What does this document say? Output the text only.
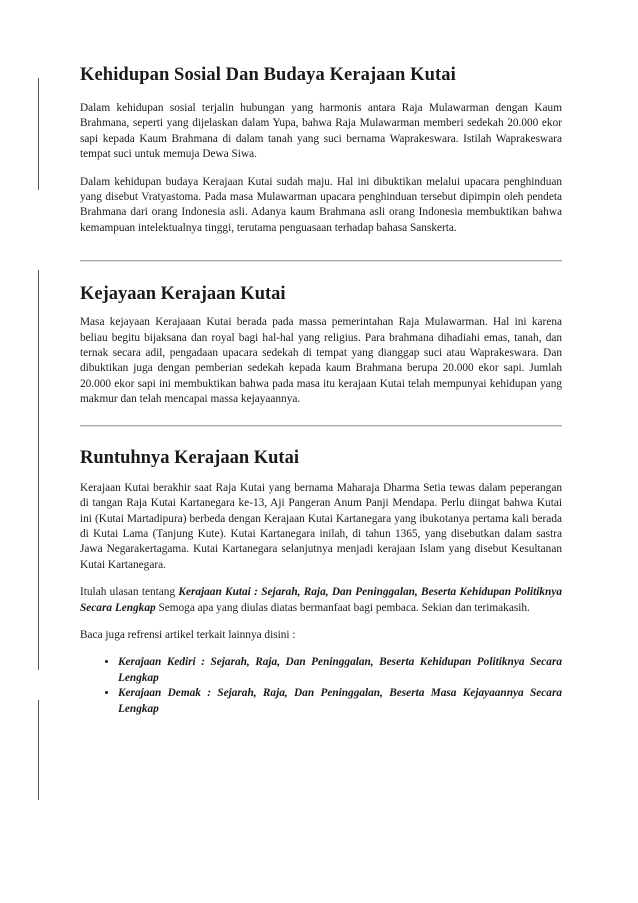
Kehidupan Sosial Dan Budaya Kerajaan Kutai

Dalam kehidupan sosial terjalin hubungan yang harmonis antara Raja Mulawarman dengan Kaum Brahmana, seperti yang dijelaskan dalam Yupa, bahwa Raja Mulawarman memberi sedekah 20.000 ekor sapi kepada Kaum Brahmana di dalam tanah yang suci bernama Waprakeswara. Istilah Waprakeswara tempat suci untuk memuja Dewa Siwa.

Dalam kehidupan budaya Kerajaan Kutai sudah maju. Hal ini dibuktikan melalui upacara penghinduan yang disebut Vratyastoma. Pada masa Mulawarman upacara penghinduan tersebut dipimpin oleh pendeta Brahmana dari orang Indonesia asli. Adanya kaum Brahmana asli orang Indonesia membuktikan bahwa kemampuan intelektualnya tinggi, terutama penguasaan terhadap bahasa Sanskerta.

Kejayaan Kerajaan Kutai

Masa kejayaan Kerajaaan Kutai berada pada massa pemerintahan Raja Mulawarman. Hal ini karena beliau begitu bijaksana dan royal bagi hal-hal yang religius. Para brahmana dihadiahi emas, tanah, dan ternak secara adil, pengadaan upacara sedekah di tempat yang dianggap suci atau Waprakeswara. Dan dibuktikan juga dengan pemberian sedekah kepada kaum Brahmana berupa 20.000 ekor sapi. Jumlah 20.000 ekor sapi ini membuktikan bahwa pada masa itu kerajaan Kutai telah mempunyai kehidupan yang makmur dan telah mencapai massa kejayaannya.

Runtuhnya Kerajaan Kutai

Kerajaan Kutai berakhir saat Raja Kutai yang bernama Maharaja Dharma Setia tewas dalam peperangan di tangan Raja Kutai Kartanegara ke-13, Aji Pangeran Anum Panji Mendapa. Perlu diingat bahwa Kutai ini (Kutai Martadipura) berbeda dengan Kerajaan Kutai Kartanegara yang ibukotanya pertama kali berada di Kutai Lama (Tanjung Kute). Kutai Kartanegara inilah, di tahun 1365, yang disebutkan dalam sastra Jawa Negarakertagama. Kutai Kartanegara selanjutnya menjadi kerajaan Islam yang disebut Kesultanan Kutai Kartanegara.

Itulah ulasan tentang Kerajaan Kutai : Sejarah, Raja, Dan Peninggalan, Beserta Kehidupan Politiknya Secara Lengkap Semoga apa yang diulas diatas bermanfaat bagi pembaca. Sekian dan terimakasih.

Baca juga refrensi artikel terkait lainnya disini :

• Kerajaan Kediri : Sejarah, Raja, Dan Peninggalan, Beserta Kehidupan Politiknya Secara Lengkap
• Kerajaan Demak : Sejarah, Raja, Dan Peninggalan, Beserta Masa Kejayaannya Secara Lengkap
